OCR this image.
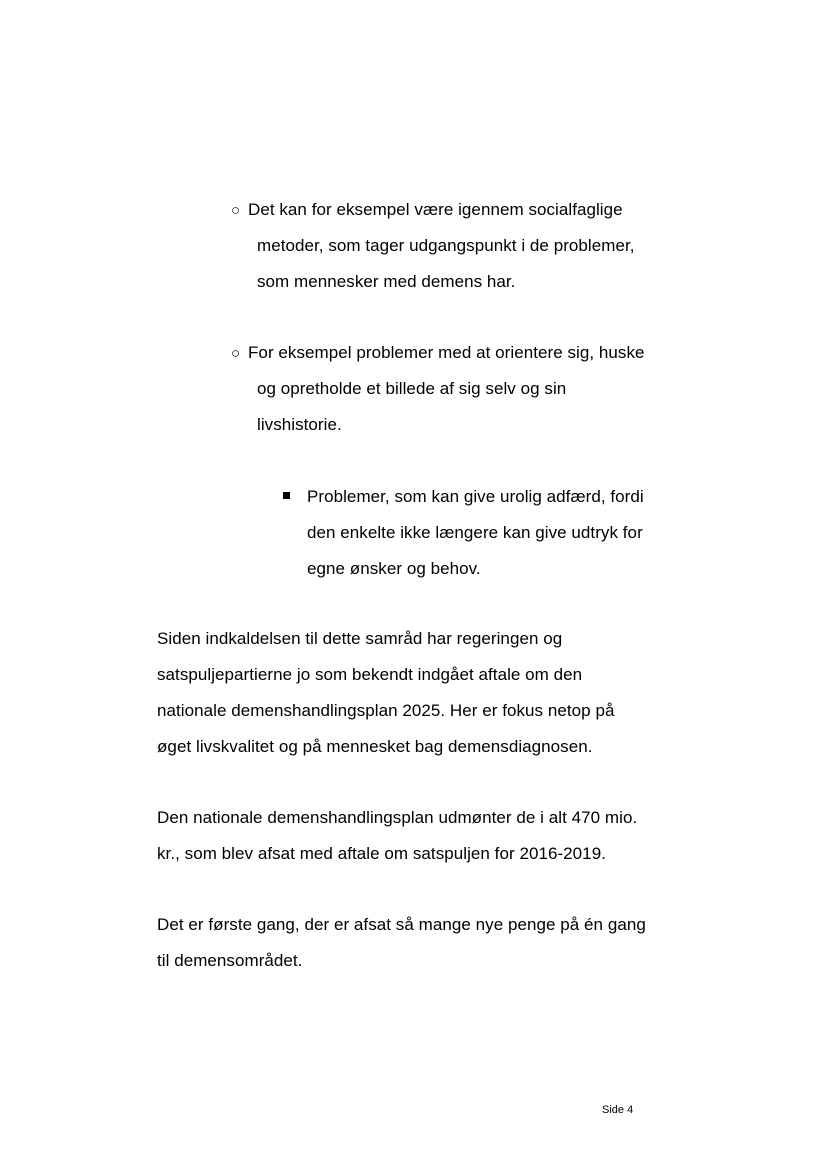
○ Det kan for eksempel være igennem socialfaglige
metoder, som tager udgangspunkt i de problemer,
som mennesker med demens har.
○ For eksempel problemer med at orientere sig, huske
og opretholde et billede af sig selv og sin
livshistorie.
Problemer, som kan give urolig adfærd, fordi
den enkelte ikke længere kan give udtryk for
egne ønsker og behov.
Siden indkaldelsen til dette samråd har regeringen og
satspuljepartierne jo som bekendt indgået aftale om den
nationale demenshandlingsplan 2025. Her er fokus netop på
øget livskvalitet og på mennesket bag demensdiagnosen.
Den nationale demenshandlingsplan udmønter de i alt 470 mio.
kr., som blev afsat med aftale om satspuljen for 2016-2019.
Det er første gang, der er afsat så mange nye penge på én gang
til demensområdet.
Side 4
